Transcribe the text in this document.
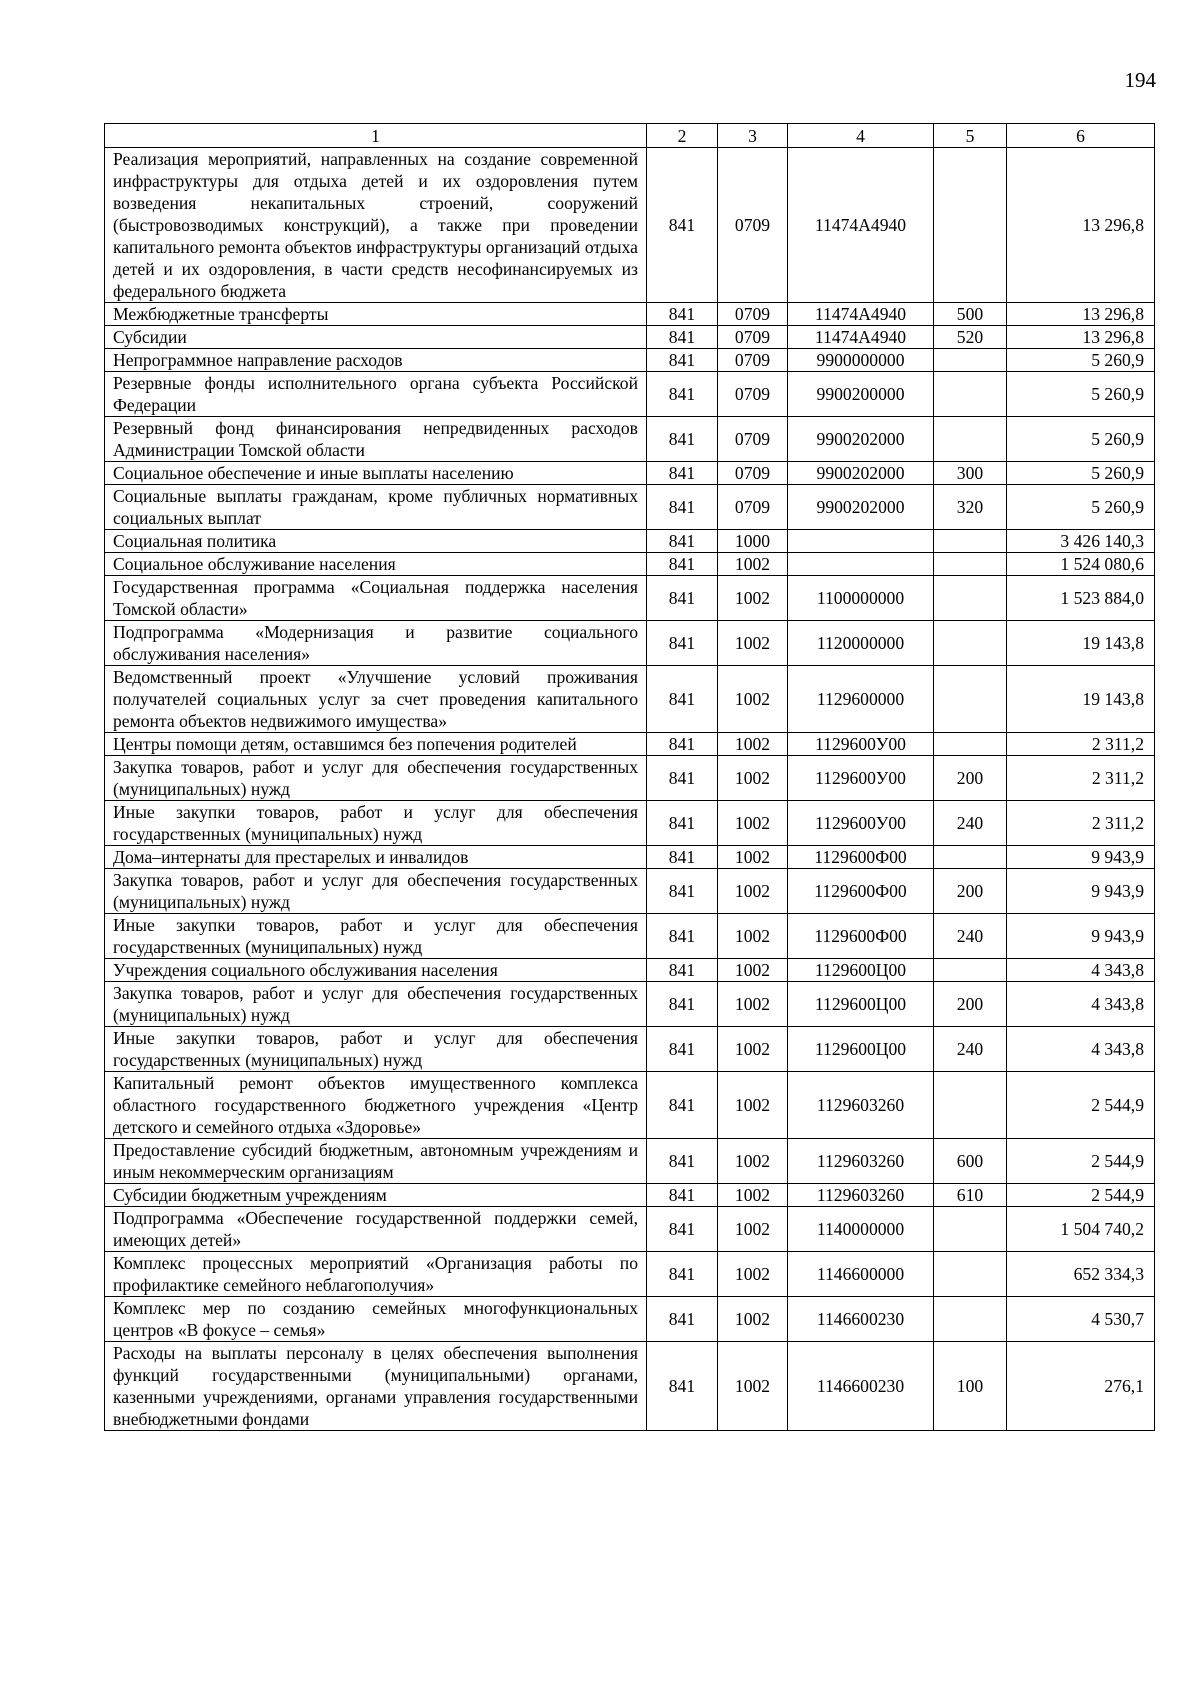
194
1	2	3	4	5	6
Реализация мероприятий, направленных на создание современной инфраструктуры для отдыха детей и их оздоровления путем возведения некапитальных строений, сооружений (быстровозводимых конструкций), а также при проведении капитального ремонта объектов инфраструктуры организаций отдыха детей и их оздоровления, в части средств несофинансируемых из федерального бюджета	841	0709	11474A4940		13 296,8
Межбюджетные трансферты	841	0709	11474A4940	500	13 296,8
Субсидии	841	0709	11474A4940	520	13 296,8
Непрограммное направление расходов	841	0709	9900000000		5 260,9
Резервные фонды исполнительного органа субъекта Российской Федерации	841	0709	9900200000		5 260,9
Резервный фонд финансирования непредвиденных расходов Администрации Томской области	841	0709	9900202000		5 260,9
Социальное обеспечение и иные выплаты населению	841	0709	9900202000	300	5 260,9
Социальные выплаты гражданам, кроме публичных нормативных социальных выплат	841	0709	9900202000	320	5 260,9
Социальная политика	841	1000			3 426 140,3
Социальное обслуживание населения	841	1002			1 524 080,6
Государственная программа «Социальная поддержка населения Томской области»	841	1002	1100000000		1 523 884,0
Подпрограмма «Модернизация и развитие социального обслуживания населения»	841	1002	1120000000		19 143,8
Ведомственный проект «Улучшение условий проживания получателей социальных услуг за счет проведения капитального ремонта объектов недвижимого имущества»	841	1002	1129600000		19 143,8
Центры помощи детям, оставшимся без попечения родителей	841	1002	1129600У00		2 311,2
Закупка товаров, работ и услуг для обеспечения государственных (муниципальных) нужд	841	1002	1129600У00	200	2 311,2
Иные закупки товаров, работ и услуг для обеспечения государственных (муниципальных) нужд	841	1002	1129600У00	240	2 311,2
Дома–интернаты для престарелых и инвалидов	841	1002	1129600Ф00		9 943,9
Закупка товаров, работ и услуг для обеспечения государственных (муниципальных) нужд	841	1002	1129600Ф00	200	9 943,9
Иные закупки товаров, работ и услуг для обеспечения государственных (муниципальных) нужд	841	1002	1129600Ф00	240	9 943,9
Учреждения социального обслуживания населения	841	1002	1129600Ц00		4 343,8
Закупка товаров, работ и услуг для обеспечения государственных (муниципальных) нужд	841	1002	1129600Ц00	200	4 343,8
Иные закупки товаров, работ и услуг для обеспечения государственных (муниципальных) нужд	841	1002	1129600Ц00	240	4 343,8
Капитальный ремонт объектов имущественного комплекса областного государственного бюджетного учреждения «Центр детского и семейного отдыха «Здоровье»	841	1002	1129603260		2 544,9
Предоставление субсидий бюджетным, автономным учреждениям и иным некоммерческим организациям	841	1002	1129603260	600	2 544,9
Субсидии бюджетным учреждениям	841	1002	1129603260	610	2 544,9
Подпрограмма «Обеспечение государственной поддержки семей, имеющих детей»	841	1002	1140000000		1 504 740,2
Комплекс процессных мероприятий «Организация работы по профилактике семейного неблагополучия»	841	1002	1146600000		652 334,3
Комплекс мер по созданию семейных многофункциональных центров «В фокусе – семья»	841	1002	1146600230		4 530,7
Расходы на выплаты персоналу в целях обеспечения выполнения функций государственными (муниципальными) органами, казенными учреждениями, органами управления государственными внебюджетными фондами	841	1002	1146600230	100	276,1
